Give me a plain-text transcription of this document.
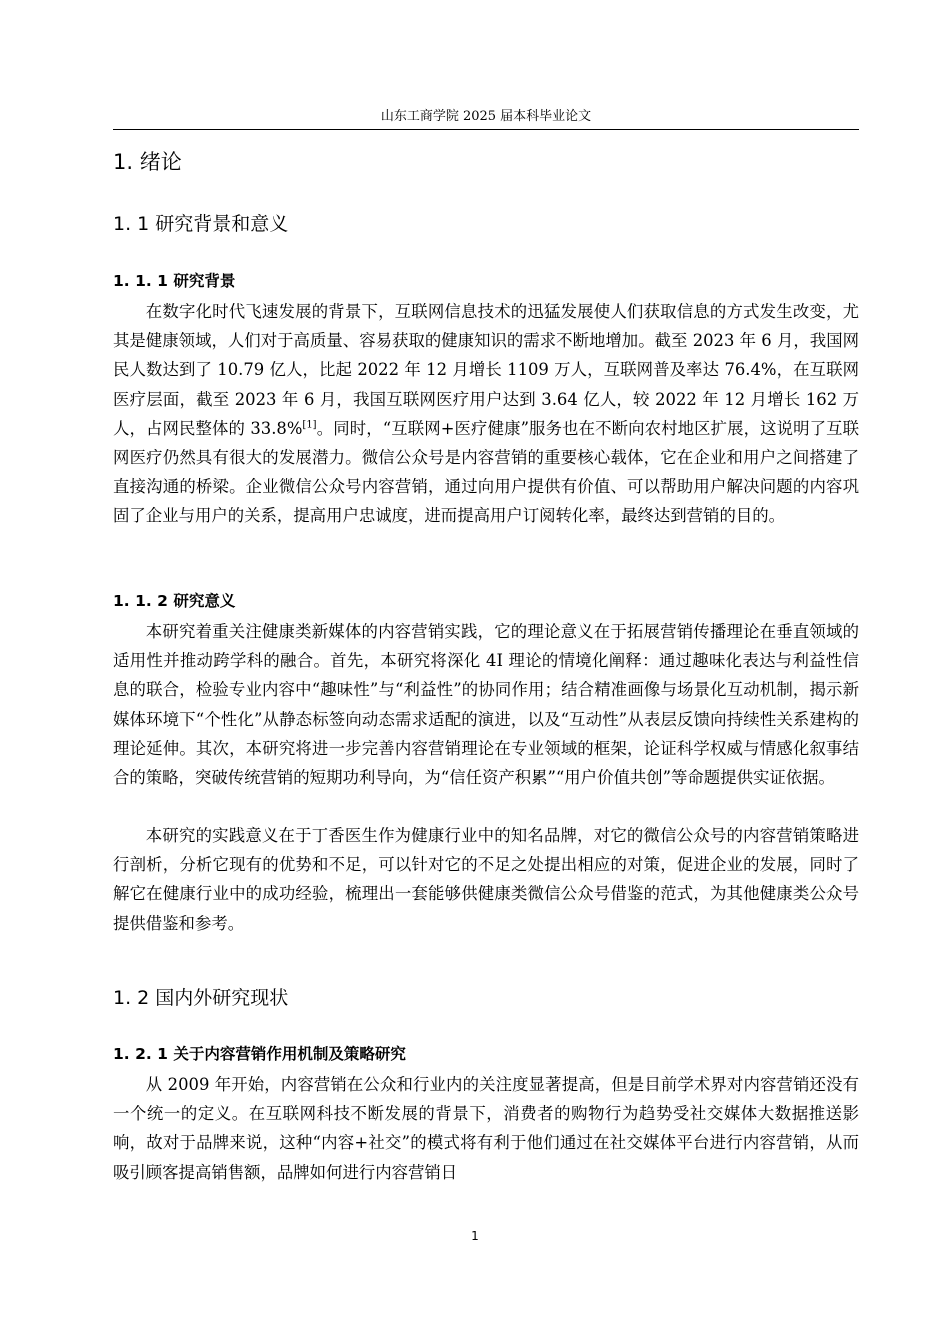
山东工商学院 2025 届本科毕业论文
1. 绪论
1. 1 研究背景和意义
1. 1. 1 研究背景
在数字化时代飞速发展的背景下，互联网信息技术的迅猛发展使人们获取信息的方式发生改变，尤其是健康领域，人们对于高质量、容易获取的健康知识的需求不断地增加。截至 2023 年 6 月，我国网民人数达到了 10.79 亿人，比起 2022 年 12 月增长 1109 万人，互联网普及率达 76.4%，在互联网医疗层面，截至 2023 年 6 月，我国互联网医疗用户达到 3.64 亿人，较 2022 年 12 月增长 162 万人，占网民整体的 33.8%[1]。同时，“互联网+医疗健康”服务也在不断向农村地区扩展，这说明了互联网医疗仍然具有很大的发展潜力。微信公众号是内容营销的重要核心载体，它在企业和用户之间搭建了直接沟通的桥梁。企业微信公众号内容营销，通过向用户提供有价值、可以帮助用户解决问题的内容巩固了企业与用户的关系，提高用户忠诚度，进而提高用户订阅转化率，最终达到营销的目的。
1. 1. 2 研究意义
本研究着重关注健康类新媒体的内容营销实践，它的理论意义在于拓展营销传播理论在垂直领域的适用性并推动跨学科的融合。首先，本研究将深化 4I 理论的情境化阐释：通过趣味化表达与利益性信息的联合，检验专业内容中“趣味性”与“利益性”的协同作用；结合精准画像与场景化互动机制，揭示新媒体环境下“个性化”从静态标签向动态需求适配的演进，以及“互动性”从表层反馈向持续性关系建构的理论延伸。其次，本研究将进一步完善内容营销理论在专业领域的框架，论证科学权威与情感化叙事结合的策略，突破传统营销的短期功利导向，为“信任资产积累”“用户价值共创”等命题提供实证依据。
本研究的实践意义在于丁香医生作为健康行业中的知名品牌，对它的微信公众号的内容营销策略进行剖析，分析它现有的优势和不足，可以针对它的不足之处提出相应的对策，促进企业的发展，同时了解它在健康行业中的成功经验，梳理出一套能够供健康类微信公众号借鉴的范式，为其他健康类公众号提供借鉴和参考。
1. 2 国内外研究现状
1. 2. 1 关于内容营销作用机制及策略研究
从 2009 年开始，内容营销在公众和行业内的关注度显著提高，但是目前学术界对内容营销还没有一个统一的定义。在互联网科技不断发展的背景下，消费者的购物行为趋势受社交媒体大数据推送影响，故对于品牌来说，这种“内容+社交”的模式将有利于他们通过在社交媒体平台进行内容营销，从而吸引顾客提高销售额，品牌如何进行内容营销日
1
